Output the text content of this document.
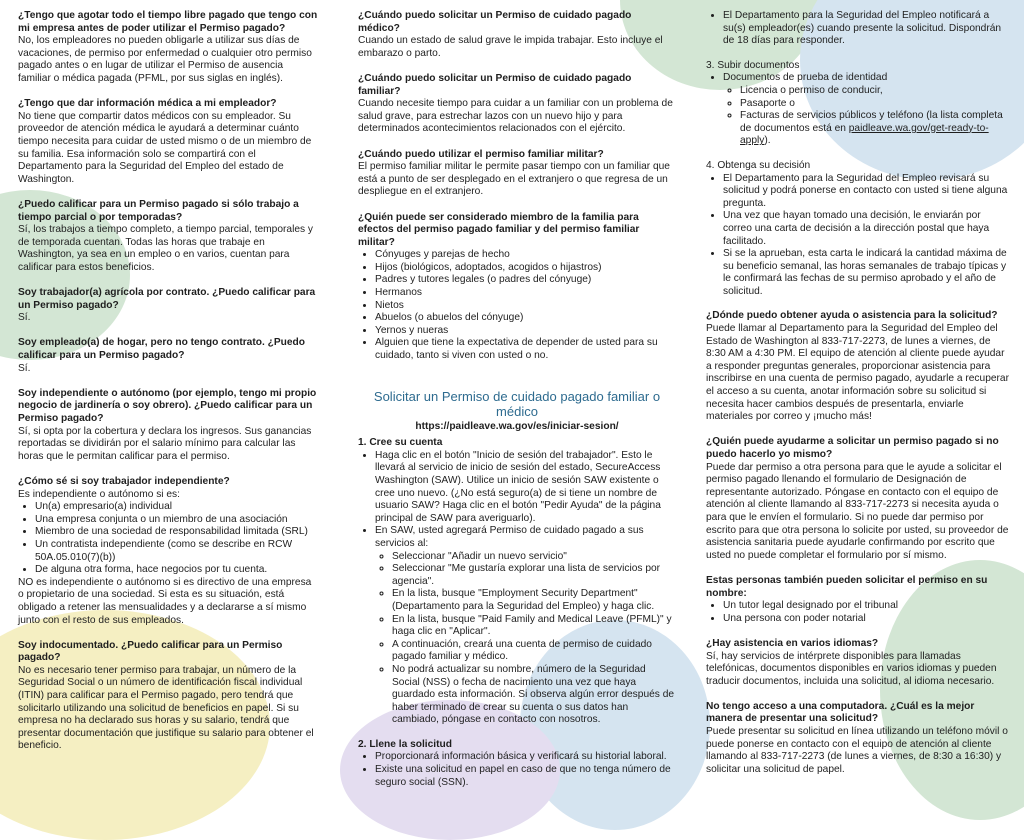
¿Tengo que agotar todo el tiempo libre pagado que tengo con mi empresa antes de poder utilizar el Permiso pagado?

No, los empleadores no pueden obligarle a utilizar sus días de vacaciones, de permiso por enfermedad o cualquier otro permiso pagado antes o en lugar de utilizar el Permiso de ausencia familiar o médica pagada (PFML, por sus siglas en inglés).

¿Tengo que dar información médica a mi empleador?

No tiene que compartir datos médicos con su empleador. Su proveedor de atención médica le ayudará a determinar cuánto tiempo necesita para cuidar de usted mismo o de un miembro de su familia. Esa información solo se compartirá con el Departamento para la Seguridad del Empleo del estado de Washington.

¿Puedo calificar para un Permiso pagado si sólo trabajo a tiempo parcial o por temporadas?

Sí, los trabajos a tiempo completo, a tiempo parcial, temporales y de temporada cuentan. Todas las horas que trabaje en Washington, ya sea en un empleo o en varios, cuentan para calificar para estos beneficios.

Soy trabajador(a) agrícola por contrato. ¿Puedo calificar para un Permiso pagado?

Sí.

Soy empleado(a) de hogar, pero no tengo contrato. ¿Puedo calificar para un Permiso pagado?

Sí.

Soy independiente o autónomo (por ejemplo, tengo mi propio negocio de jardinería o soy obrero). ¿Puedo calificar para un Permiso pagado?

Sí, si opta por la cobertura y declara los ingresos. Sus ganancias reportadas se dividirán por el salario mínimo para calcular las horas que le permitan calificar para el permiso.

¿Cómo sé si soy trabajador independiente?

Es independiente o autónomo si es:

• Un(a) empresario(a) individual
• Una empresa conjunta o un miembro de una asociación
• Miembro de una sociedad de responsabilidad limitada (SRL)
• Un contratista independiente (como se describe en RCW 50A.05.010(7)(b))
• De alguna otra forma, hace negocios por tu cuenta.

NO es independiente o autónomo si es directivo de una empresa o propietario de una sociedad. Si esta es su situación, está obligado a retener las mensualidades y a declararse a sí mismo junto con el resto de sus empleados.

Soy indocumentado. ¿Puedo calificar para un Permiso pagado?

No es necesario tener permiso para trabajar, un número de la Seguridad Social o un número de identificación fiscal individual (ITIN) para calificar para el Permiso pagado, pero tendrá que solicitarlo utilizando una solicitud de beneficios en papel. Si su empresa no ha declarado sus horas y su salario, tendrá que presentar documentación que justifique su salario para obtener el beneficio.

¿Cuándo puedo solicitar un Permiso de cuidado pagado médico?

Cuando un estado de salud grave le impida trabajar. Esto incluye el embarazo o parto.

¿Cuándo puedo solicitar un Permiso de cuidado pagado familiar?

Cuando necesite tiempo para cuidar a un familiar con un problema de salud grave, para estrechar lazos con un nuevo hijo y para determinados acontecimientos relacionados con el ejército.

¿Cuándo puedo utilizar el permiso familiar militar?

El permiso familiar militar le permite pasar tiempo con un familiar que está a punto de ser desplegado en el extranjero o que regresa de un despliegue en el extranjero.

¿Quién puede ser considerado miembro de la familia para efectos del permiso pagado familiar y del permiso familiar militar?

• Cónyuges y parejas de hecho
• Hijos (biológicos, adoptados, acogidos o hijastros)
• Padres y tutores legales (o padres del cónyuge)
• Hermanos
• Nietos
• Abuelos (o abuelos del cónyuge)
• Yernos y nueras
• Alguien que tiene la expectativa de depender de usted para su cuidado, tanto si viven con usted o no.

Solicitar un Permiso de cuidado pagado familiar o médico

https://paidleave.wa.gov/es/iniciar-sesion/

1. Cree su cuenta

• Haga clic en el botón "Inicio de sesión del trabajador". Esto le llevará al servicio de inicio de sesión del estado, SecureAccess Washington (SAW). Utilice un inicio de sesión SAW existente o cree uno nuevo. (¿No está seguro(a) de si tiene un nombre de usuario SAW? Haga clic en el botón "Pedir Ayuda" de la página principal de SAW para averiguarlo).
• En SAW, usted agregará Permiso de cuidado pagado a sus servicios al:
◦ Seleccionar "Añadir un nuevo servicio"
◦ Seleccionar "Me gustaría explorar una lista de servicios por agencia".
◦ En la lista, busque "Employment Security Department" (Departamento para la Seguridad del Empleo) y haga clic.
◦ En la lista, busque "Paid Family and Medical Leave (PFML)" y haga clic en "Aplicar".
◦ A continuación, creará una cuenta de permiso de cuidado pagado familiar y médico.
◦ No podrá actualizar su nombre, número de la Seguridad Social (NSS) o fecha de nacimiento una vez que haya guardado esta información. Si observa algún error después de haber terminado de crear su cuenta o sus datos han cambiado, póngase en contacto con nosotros.

2. Llene la solicitud

• Proporcionará información básica y verificará su historial laboral.
• Existe una solicitud en papel en caso de que no tenga número de seguro social (SSN).
• El Departamento para la Seguridad del Empleo notificará a su(s) empleador(es) cuando presente la solicitud. Dispondrán de 18 días para responder.

3. Subir documentos

• Documentos de prueba de identidad
◦ Licencia o permiso de conducir,
◦ Pasaporte o
◦ Facturas de servicios públicos y teléfono (la lista completa de documentos está en paidleave.wa.gov/get-ready-to-apply).

4. Obtenga su decisión

• El Departamento para la Seguridad del Empleo revisará su solicitud y podrá ponerse en contacto con usted si tiene alguna pregunta.
• Una vez que hayan tomado una decisión, le enviarán por correo una carta de decisión a la dirección postal que haya facilitado.
• Si se la aprueban, esta carta le indicará la cantidad máxima de su beneficio semanal, las horas semanales de trabajo típicas y le confirmará las fechas de su permiso aprobado y el año de solicitud.

¿Dónde puedo obtener ayuda o asistencia para la solicitud?

Puede llamar al Departamento para la Seguridad del Empleo del Estado de Washington al 833-717-2273, de lunes a viernes, de 8:30 AM a 4:30 PM. El equipo de atención al cliente puede ayudar a responder preguntas generales, proporcionar asistencia para inscribirse en una cuenta de permiso pagado, ayudarle a recuperar el acceso a su cuenta, anotar información sobre su solicitud si necesita hacer cambios después de presentarla, enviarle materiales por correo y ¡mucho más!

¿Quién puede ayudarme a solicitar un permiso pagado si no puedo hacerlo yo mismo?

Puede dar permiso a otra persona para que le ayude a solicitar el permiso pagado llenando el formulario de Designación de representante autorizado. Póngase en contacto con el equipo de atención al cliente llamando al 833-717-2273 si necesita ayuda o para que le envíen el formulario. Si no puede dar permiso por escrito para que otra persona lo solicite por usted, su proveedor de asistencia sanitaria puede ayudarle confirmando por escrito que usted no puede completar el formulario por sí mismo.

Estas personas también pueden solicitar el permiso en su nombre:

• Un tutor legal designado por el tribunal
• Una persona con poder notarial

¿Hay asistencia en varios idiomas?

Sí, hay servicios de intérprete disponibles para llamadas telefónicas, documentos disponibles en varios idiomas y pueden traducir documentos, incluida una solicitud, al idioma necesario.

No tengo acceso a una computadora. ¿Cuál es la mejor manera de presentar una solicitud?

Puede presentar su solicitud en línea utilizando un teléfono móvil o puede ponerse en contacto con el equipo de atención al cliente llamando al 833-717-2273 (de lunes a viernes, de 8:30 a 16:30) y solicitar una solicitud de papel.
